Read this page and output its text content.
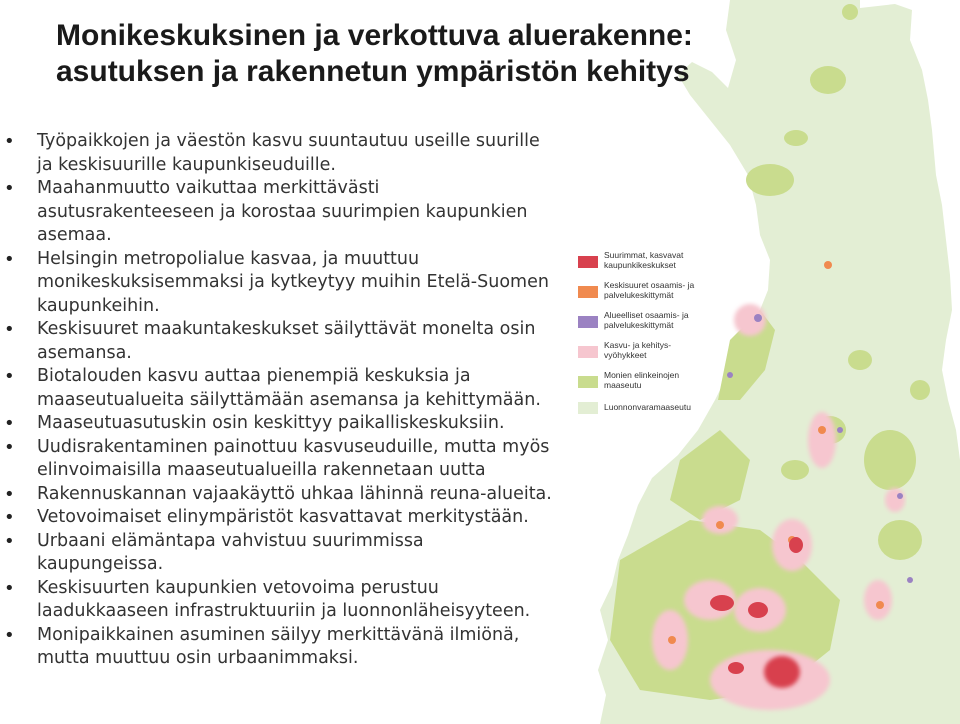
Monikeskuksinen ja verkottuva aluerakenne:
asutuksen ja rakennetun ympäristön kehitys
• Työpaikkojen ja väestön kasvu suuntautuu useille suurille
ja keskisuurille kaupunkiseuduille.
• Maahanmuutto vaikuttaa merkittävästi
asutusrakenteeseen ja korostaa suurimpien kaupunkien
asemaa.
• Helsingin metropolialue kasvaa, ja muuttuu
monikeskuksisemmaksi ja kytkeytyy muihin Etelä-Suomen
kaupunkeihin.
• Keskisuuret maakuntakeskukset säilyttävät monelta osin
asemansa.
• Biotalouden kasvu auttaa pienempiä keskuksia ja
maaseutualueita säilyttämään asemansa ja kehittymään.
• Maaseutuasutuskin osin keskittyy paikalliskeskuksiin.
• Uudisrakentaminen painottuu kasvuseuduille, mutta myös
elinvoimaisilla maaseutualueilla rakennetaan uutta
• Rakennuskannan vajaakäyttö uhkaa lähinnä reuna-alueita.
• Vetovoimaiset elinympäristöt kasvattavat merkitystään.
• Urbaani elämäntapa vahvistuu suurimmissa
kaupungeissa.
• Keskisuurten kaupunkien vetovoima perustuu
laadukkaaseen infrastruktuuriin ja luonnonläheisyyteen.
• Monipaikkainen asuminen säilyy merkittävänä ilmiönä,
mutta muuttuu osin urbaanimmaksi.
Suurimmat, kasvavat
kaupunkikeskukset
Keskisuuret osaamis- ja
palvelukeskittymät
Alueelliset osaamis- ja
palvelukeskittymät
Kasvu- ja kehitys-
vyöhykkeet
Monien elinkeinojen
maaseutu
Luonnonvaramaaseutu
